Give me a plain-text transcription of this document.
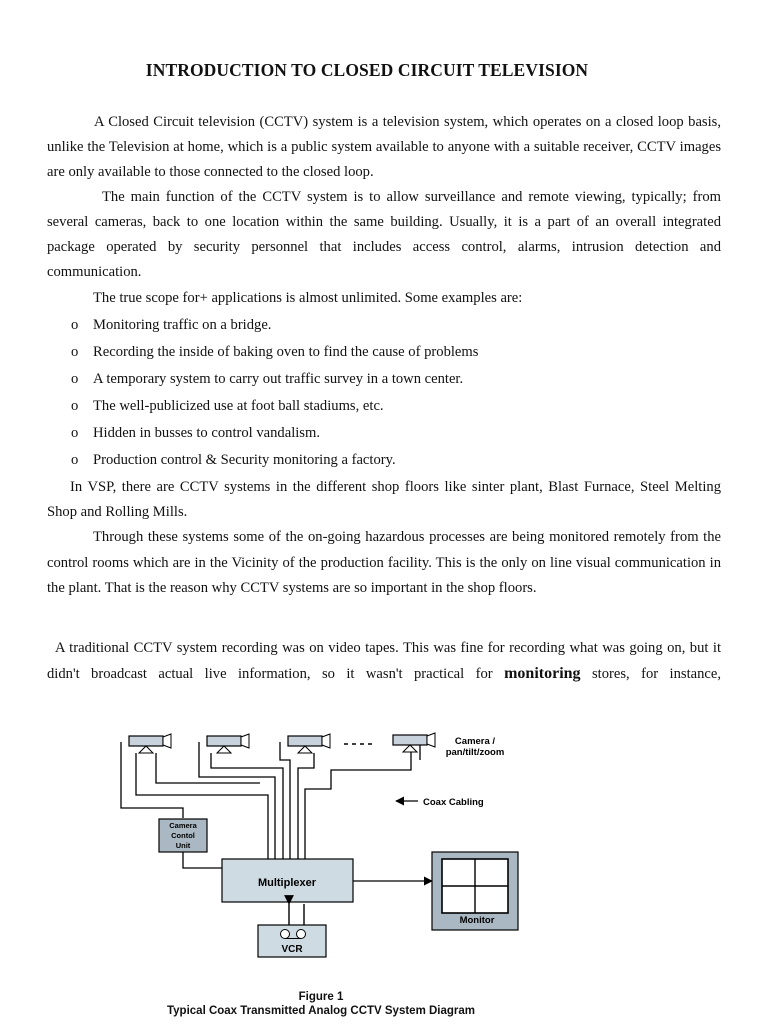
INTRODUCTION TO CLOSED CIRCUIT TELEVISION

A Closed Circuit television (CCTV) system is a television system, which operates on a closed loop basis, unlike the Television at home, which is a public system available to anyone with a suitable receiver, CCTV images are only available to those connected to the closed loop.

The main function of the CCTV system is to allow surveillance and remote viewing, typically; from several cameras, back to one location within the same building. Usually, it is a part of an overall integrated package operated by security personnel that includes access control, alarms, intrusion detection and communication.

The true scope for+ applications is almost unlimited. Some examples are:

o Monitoring traffic on a bridge.
o Recording the inside of baking oven to find the cause of problems
o A temporary system to carry out traffic survey in a town center.
o The well-publicized use at foot ball stadiums, etc.
o Hidden in busses to control vandalism.
o Production control & Security monitoring a factory.

In VSP, there are CCTV systems in the different shop floors like sinter plant, Blast Furnace, Steel Melting Shop and Rolling Mills.

Through these systems some of the on-going hazardous processes are being monitored remotely from the control rooms which are in the Vicinity of the production facility. This is the only on line visual communication in the plant. That is the reason why CCTV systems are so important in the shop floors.

A traditional CCTV system recording was on video tapes. This was fine for recording what was going on, but it didn't broadcast actual live information, so it wasn't practical for monitoring stores, for instance,

Camera /
pan/tilt/zoom
Coax Cabling
Camera
Contol
Unit
Multiplexer
Monitor
VCR
Figure 1
Typical Coax Transmitted Analog CCTV System Diagram
